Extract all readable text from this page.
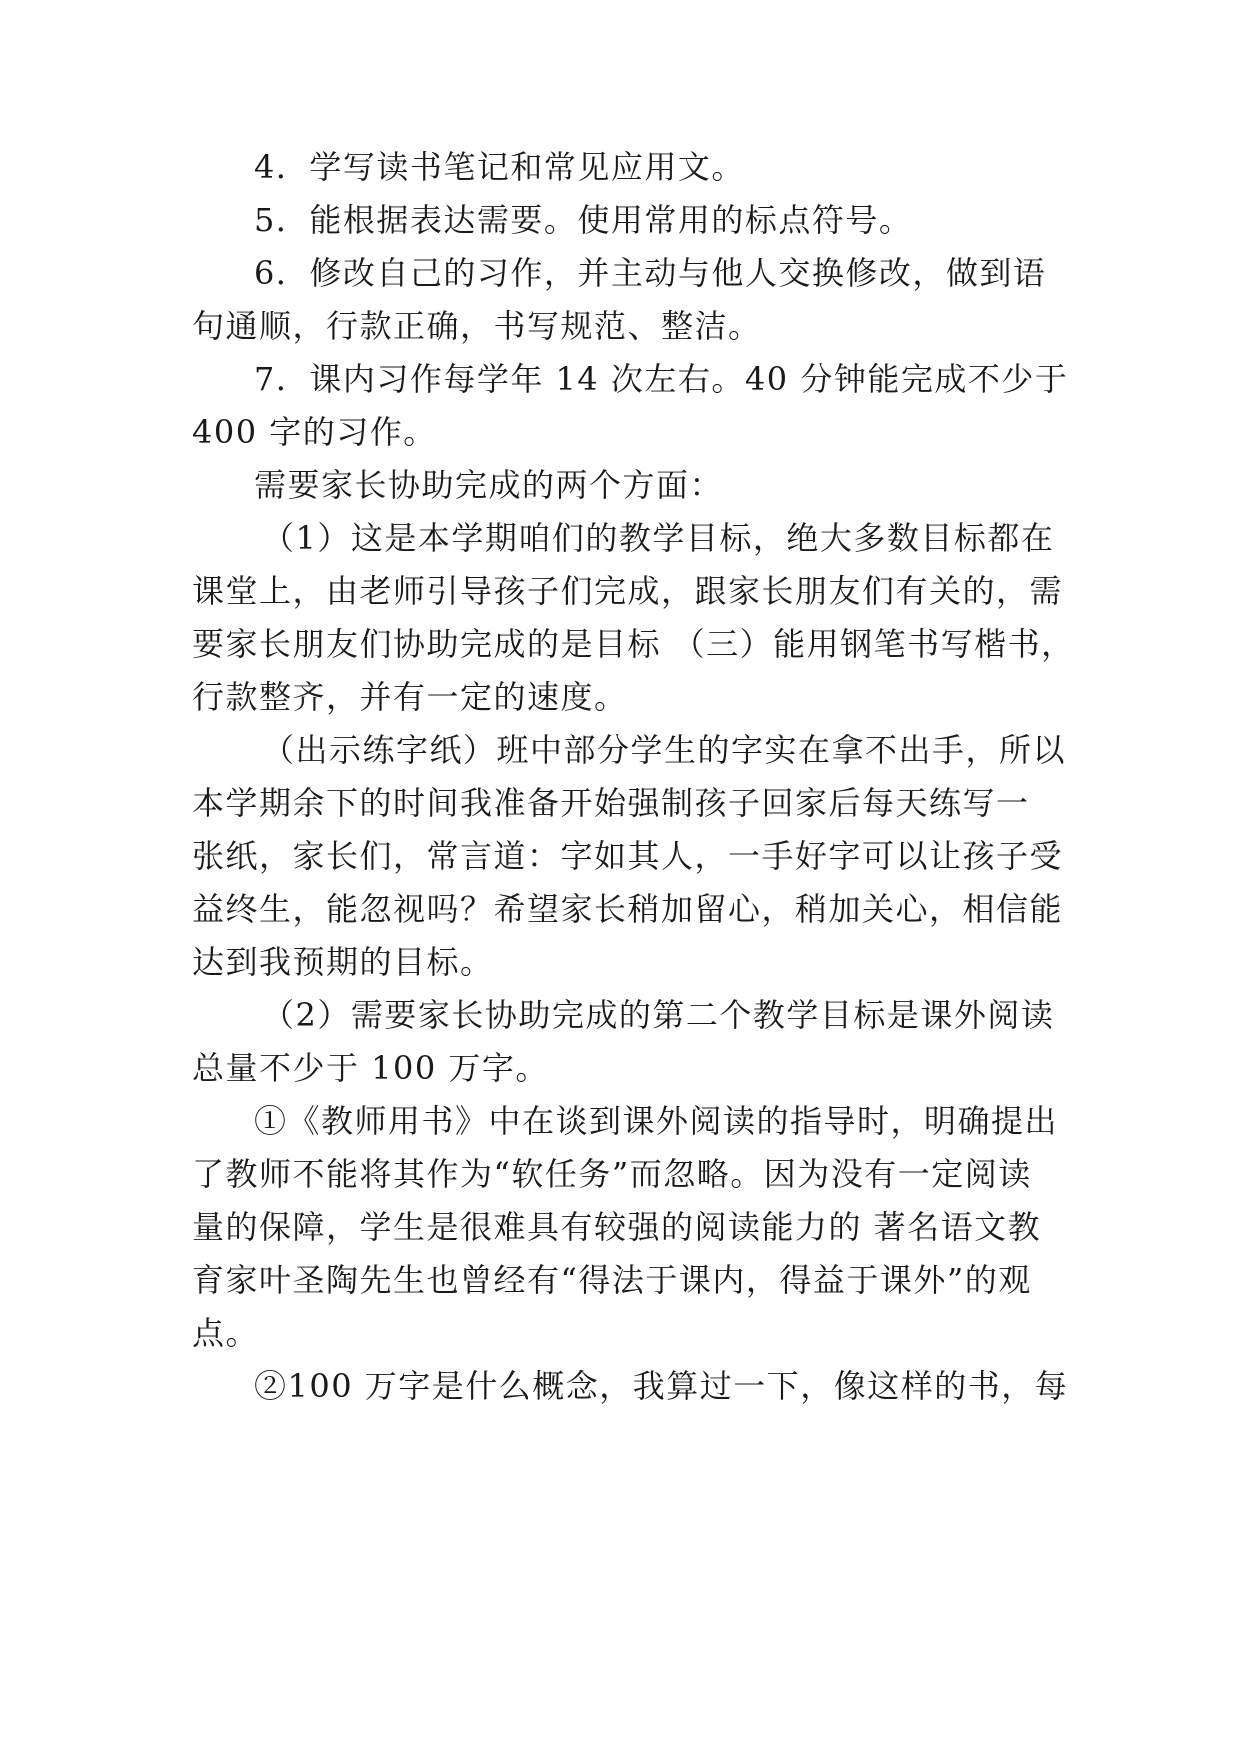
4．学写读书笔记和常见应用文。
5．能根据表达需要。使用常用的标点符号。
6．修改自己的习作，并主动与他人交换修改，做到语
句通顺，行款正确，书写规范、整洁。
7．课内习作每学年 14 次左右。40 分钟能完成不少于
400 字的习作。
需要家长协助完成的两个方面：
（1）这是本学期咱们的教学目标，绝大多数目标都在
课堂上，由老师引导孩子们完成，跟家长朋友们有关的，需
要家长朋友们协助完成的是目标 （三）能用钢笔书写楷书，
行款整齐，并有一定的速度。
（出示练字纸）班中部分学生的字实在拿不出手，所以
本学期余下的时间我准备开始强制孩子回家后每天练写一
张纸，家长们，常言道：字如其人，一手好字可以让孩子受
益终生，能忽视吗？希望家长稍加留心，稍加关心，相信能
达到我预期的目标。
（2）需要家长协助完成的第二个教学目标是课外阅读
总量不少于 100 万字。
①《教师用书》中在谈到课外阅读的指导时，明确提出
了教师不能将其作为“软任务”而忽略。因为没有一定阅读
量的保障，学生是很难具有较强的阅读能力的 著名语文教
育家叶圣陶先生也曾经有“得法于课内，得益于课外”的观
点。
②100 万字是什么概念，我算过一下，像这样的书，每
